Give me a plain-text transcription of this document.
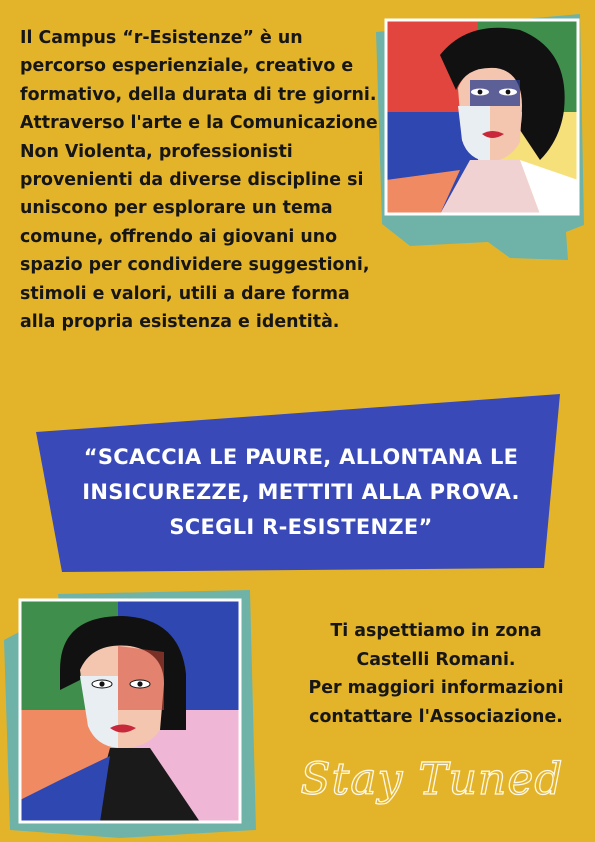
Il Campus “r-Esistenze” è un percorso esperienziale, creativo e formativo, della durata di tre giorni. Attraverso l'arte e la Comunicazione Non Violenta, professionisti provenienti da diverse discipline si uniscono per esplorare un tema comune, offrendo ai giovani uno spazio per condividere suggestioni, stimoli e valori, utili a dare forma alla propria esistenza e identità.

“SCACCIA LE PAURE, ALLONTANA LE
INSICUREZZE, METTITI ALLA PROVA.
SCEGLI R-ESISTENZE”

Ti aspettiamo in zona
Castelli Romani.
Per maggiori informazioni
contattare l'Associazione.
Stay Tuned
